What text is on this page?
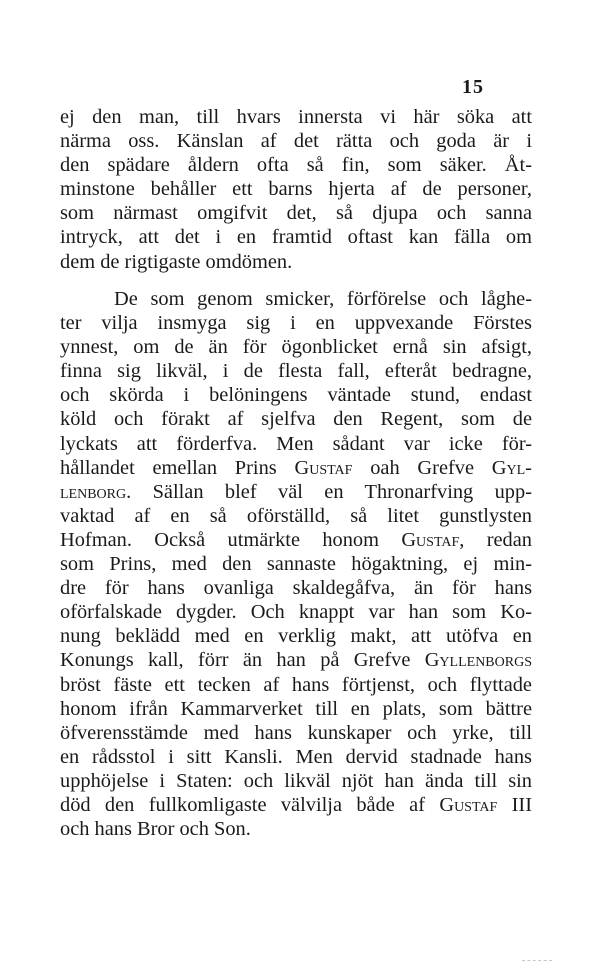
15
ej den man, till hvars innersta vi här söka att
närma oss. Känslan af det rätta och goda är i
den spädare åldern ofta så fin, som säker. Åt-
minstone behåller ett barns hjerta af de personer,
som närmast omgifvit det, så djupa och sanna
intryck, att det i en framtid oftast kan fälla om
dem de rigtigaste omdömen.
De som genom smicker, förförelse och låghe-
ter vilja insmyga sig i en uppvexande Förstes
ynnest, om de än för ögonblicket ernå sin afsigt,
finna sig likväl, i de flesta fall, efteråt bedragne,
och skörda i belöningens väntade stund, endast
köld och förakt af sjelfva den Regent, som de
lyckats att förderfva. Men sådant var icke för-
hållandet emellan Prins Gustaf oah Grefve Gyl-
lenborg. Sällan blef väl en Thronarfving upp-
vaktad af en så oförställd, så litet gunstlysten
Hofman. Också utmärkte honom Gustaf, redan
som Prins, med den sannaste högaktning, ej min-
dre för hans ovanliga skaldegåfva, än för hans
oförfalskade dygder. Och knappt var han som Ko-
nung beklädd med en verklig makt, att utöfva en
Konungs kall, förr än han på Grefve Gyllenborgs
bröst fäste ett tecken af hans förtjenst, och flyttade
honom ifrån Kammarverket till en plats, som bättre
öfverensstämde med hans kunskaper och yrke, till
en rådsstol i sitt Kansli. Men dervid stadnade hans
upphöjelse i Staten: och likväl njöt han ända till sin
död den fullkomligaste välvilja både af Gustaf III
och hans Bror och Son.
